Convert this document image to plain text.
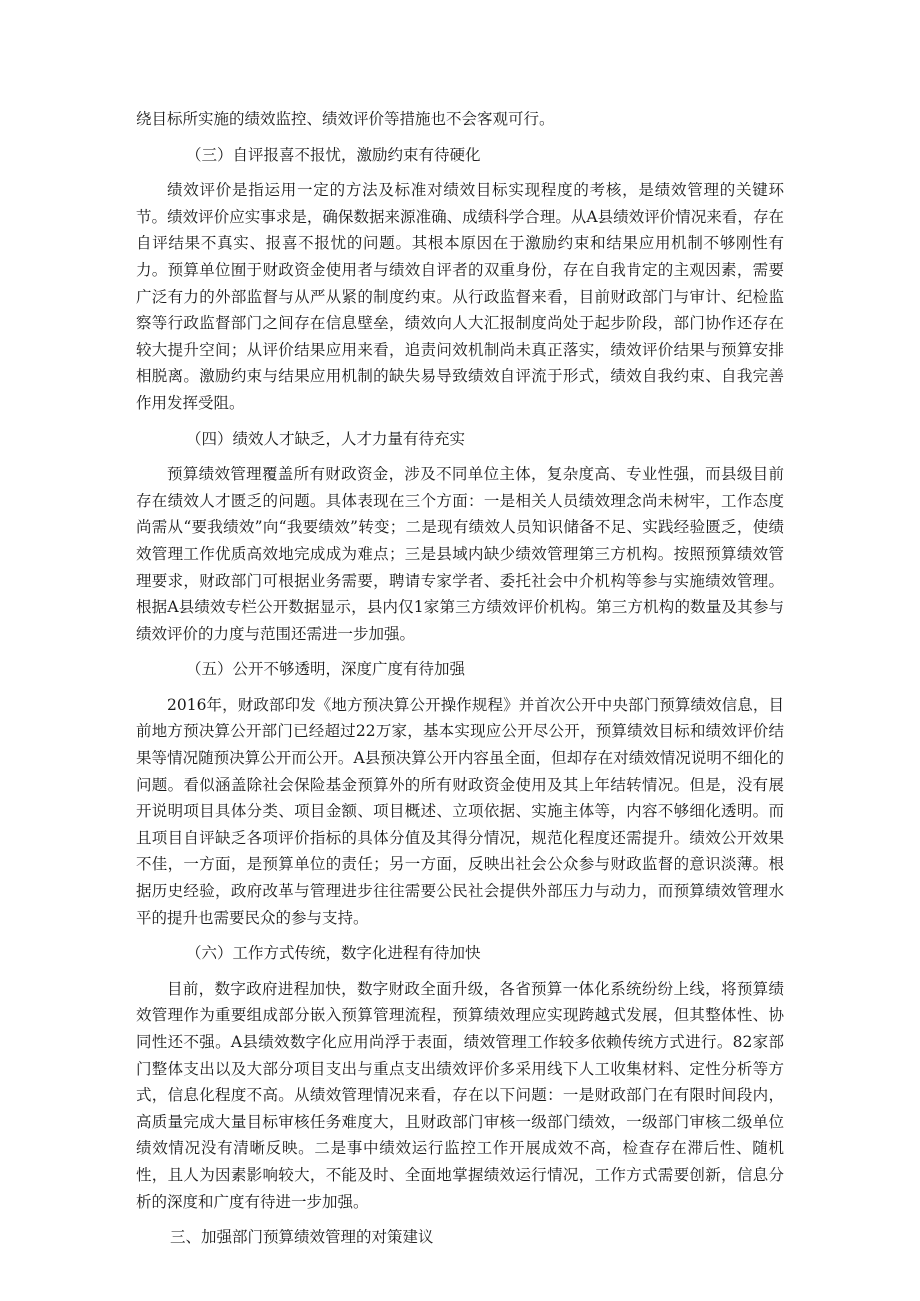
绕目标所实施的绩效监控、绩效评价等措施也不会客观可行。

（三）自评报喜不报忧，激励约束有待硬化

绩效评价是指运用一定的方法及标准对绩效目标实现程度的考核，是绩效管理的关键环节。绩效评价应实事求是，确保数据来源准确、成绩科学合理。从A县绩效评价情况来看，存在自评结果不真实、报喜不报忧的问题。其根本原因在于激励约束和结果应用机制不够刚性有力。预算单位囿于财政资金使用者与绩效自评者的双重身份，存在自我肯定的主观因素，需要广泛有力的外部监督与从严从紧的制度约束。从行政监督来看，目前财政部门与审计、纪检监察等行政监督部门之间存在信息壁垒，绩效向人大汇报制度尚处于起步阶段，部门协作还存在较大提升空间；从评价结果应用来看，追责问效机制尚未真正落实，绩效评价结果与预算安排相脱离。激励约束与结果应用机制的缺失易导致绩效自评流于形式，绩效自我约束、自我完善作用发挥受阻。

（四）绩效人才缺乏，人才力量有待充实

预算绩效管理覆盖所有财政资金，涉及不同单位主体，复杂度高、专业性强，而县级目前存在绩效人才匮乏的问题。具体表现在三个方面：一是相关人员绩效理念尚未树牢，工作态度尚需从“要我绩效”向“我要绩效”转变；二是现有绩效人员知识储备不足、实践经验匮乏，使绩效管理工作优质高效地完成成为难点；三是县域内缺少绩效管理第三方机构。按照预算绩效管理要求，财政部门可根据业务需要，聘请专家学者、委托社会中介机构等参与实施绩效管理。根据A县绩效专栏公开数据显示，县内仅1家第三方绩效评价机构。第三方机构的数量及其参与绩效评价的力度与范围还需进一步加强。

（五）公开不够透明，深度广度有待加强

2016年，财政部印发《地方预决算公开操作规程》并首次公开中央部门预算绩效信息，目前地方预决算公开部门已经超过22万家，基本实现应公开尽公开，预算绩效目标和绩效评价结果等情况随预决算公开而公开。A县预决算公开内容虽全面，但却存在对绩效情况说明不细化的问题。看似涵盖除社会保险基金预算外的所有财政资金使用及其上年结转情况。但是，没有展开说明项目具体分类、项目金额、项目概述、立项依据、实施主体等，内容不够细化透明。而且项目自评缺乏各项评价指标的具体分值及其得分情况，规范化程度还需提升。绩效公开效果不佳，一方面，是预算单位的责任；另一方面，反映出社会公众参与财政监督的意识淡薄。根据历史经验，政府改革与管理进步往往需要公民社会提供外部压力与动力，而预算绩效管理水平的提升也需要民众的参与支持。

（六）工作方式传统，数字化进程有待加快

目前，数字政府进程加快，数字财政全面升级，各省预算一体化系统纷纷上线，将预算绩效管理作为重要组成部分嵌入预算管理流程，预算绩效理应实现跨越式发展，但其整体性、协同性还不强。A县绩效数字化应用尚浮于表面，绩效管理工作较多依赖传统方式进行。82家部门整体支出以及大部分项目支出与重点支出绩效评价多采用线下人工收集材料、定性分析等方式，信息化程度不高。从绩效管理情况来看，存在以下问题：一是财政部门在有限时间段内，高质量完成大量目标审核任务难度大，且财政部门审核一级部门绩效，一级部门审核二级单位绩效情况没有清晰反映。二是事中绩效运行监控工作开展成效不高，检查存在滞后性、随机性，且人为因素影响较大，不能及时、全面地掌握绩效运行情况，工作方式需要创新，信息分析的深度和广度有待进一步加强。

三、加强部门预算绩效管理的对策建议
